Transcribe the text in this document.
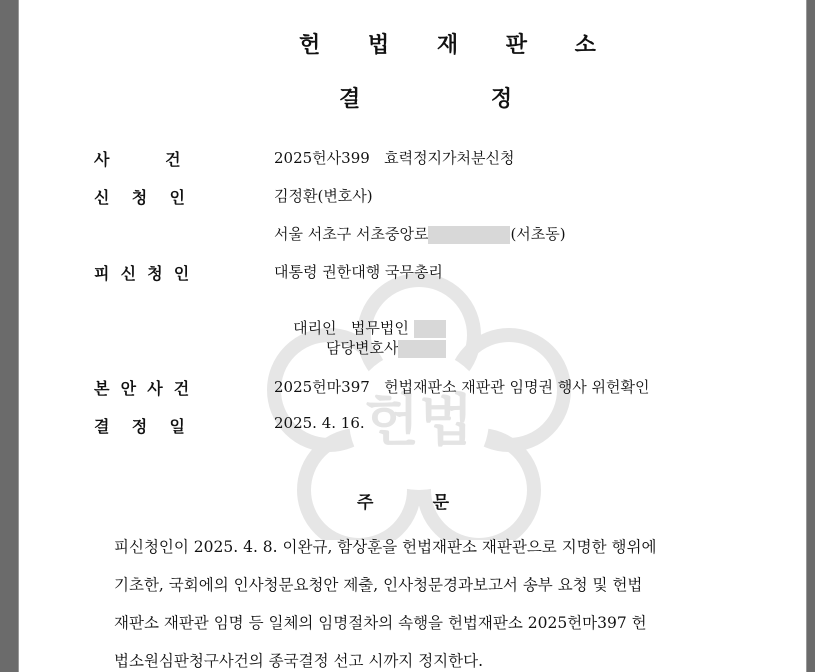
헌법
헌 법 재 판 소
결    정
사          건	2025헌사399   효력정지가처분신청
신    청    인	김정환(변호사)
서울 서초구 서초중앙로	(서초동)
피  신  청  인	대통령 권한대행 국무총리

대리인   법무법인

담당변호사
본  안  사  건	2025헌마397   헌법재판소 재판관 임명권 행사 위헌확인
결    정    일	2025. 4. 16.
주          문
피신청인이 2025. 4. 8. 이완규, 함상훈을 헌법재판소 재판관으로 지명한 행위에
기초한, 국회에의 인사청문요청안 제출, 인사청문경과보고서 송부 요청 및 헌법
재판소 재판관 임명 등 일체의 임명절차의 속행을 헌법재판소 2025헌마397 헌
법소원심판청구사건의 종국결정 선고 시까지 정지한다.
